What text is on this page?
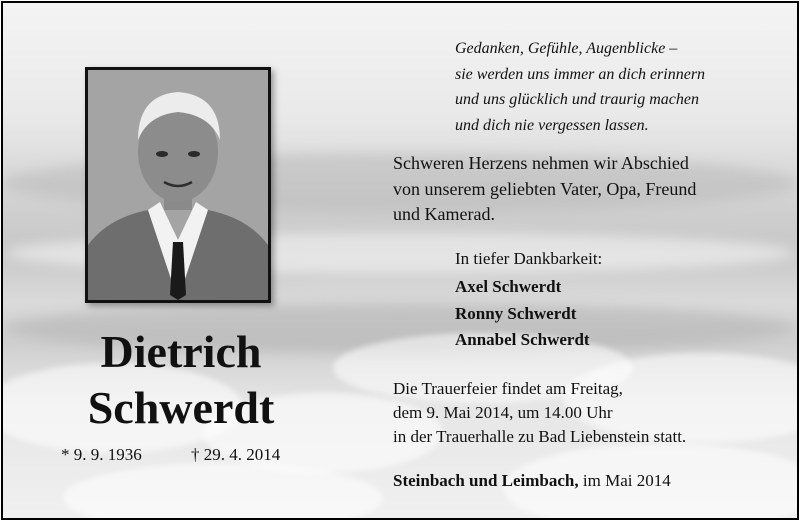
Dietrich
Schwerdt
* 9. 9. 1936	† 29. 4. 2014
Gedanken, Gefühle, Augenblicke –
sie werden uns immer an dich erinnern
und uns glücklich und traurig machen
und dich nie vergessen lassen.
Schweren Herzens nehmen wir Abschied
von unserem geliebten Vater, Opa, Freund
und Kamerad.
In tiefer Dankbarkeit:
Axel Schwerdt
Ronny Schwerdt
Annabel Schwerdt
Die Trauerfeier findet am Freitag,
dem 9. Mai 2014, um 14.00 Uhr
in der Trauerhalle zu Bad Liebenstein statt.
Steinbach und Leimbach, im Mai 2014
